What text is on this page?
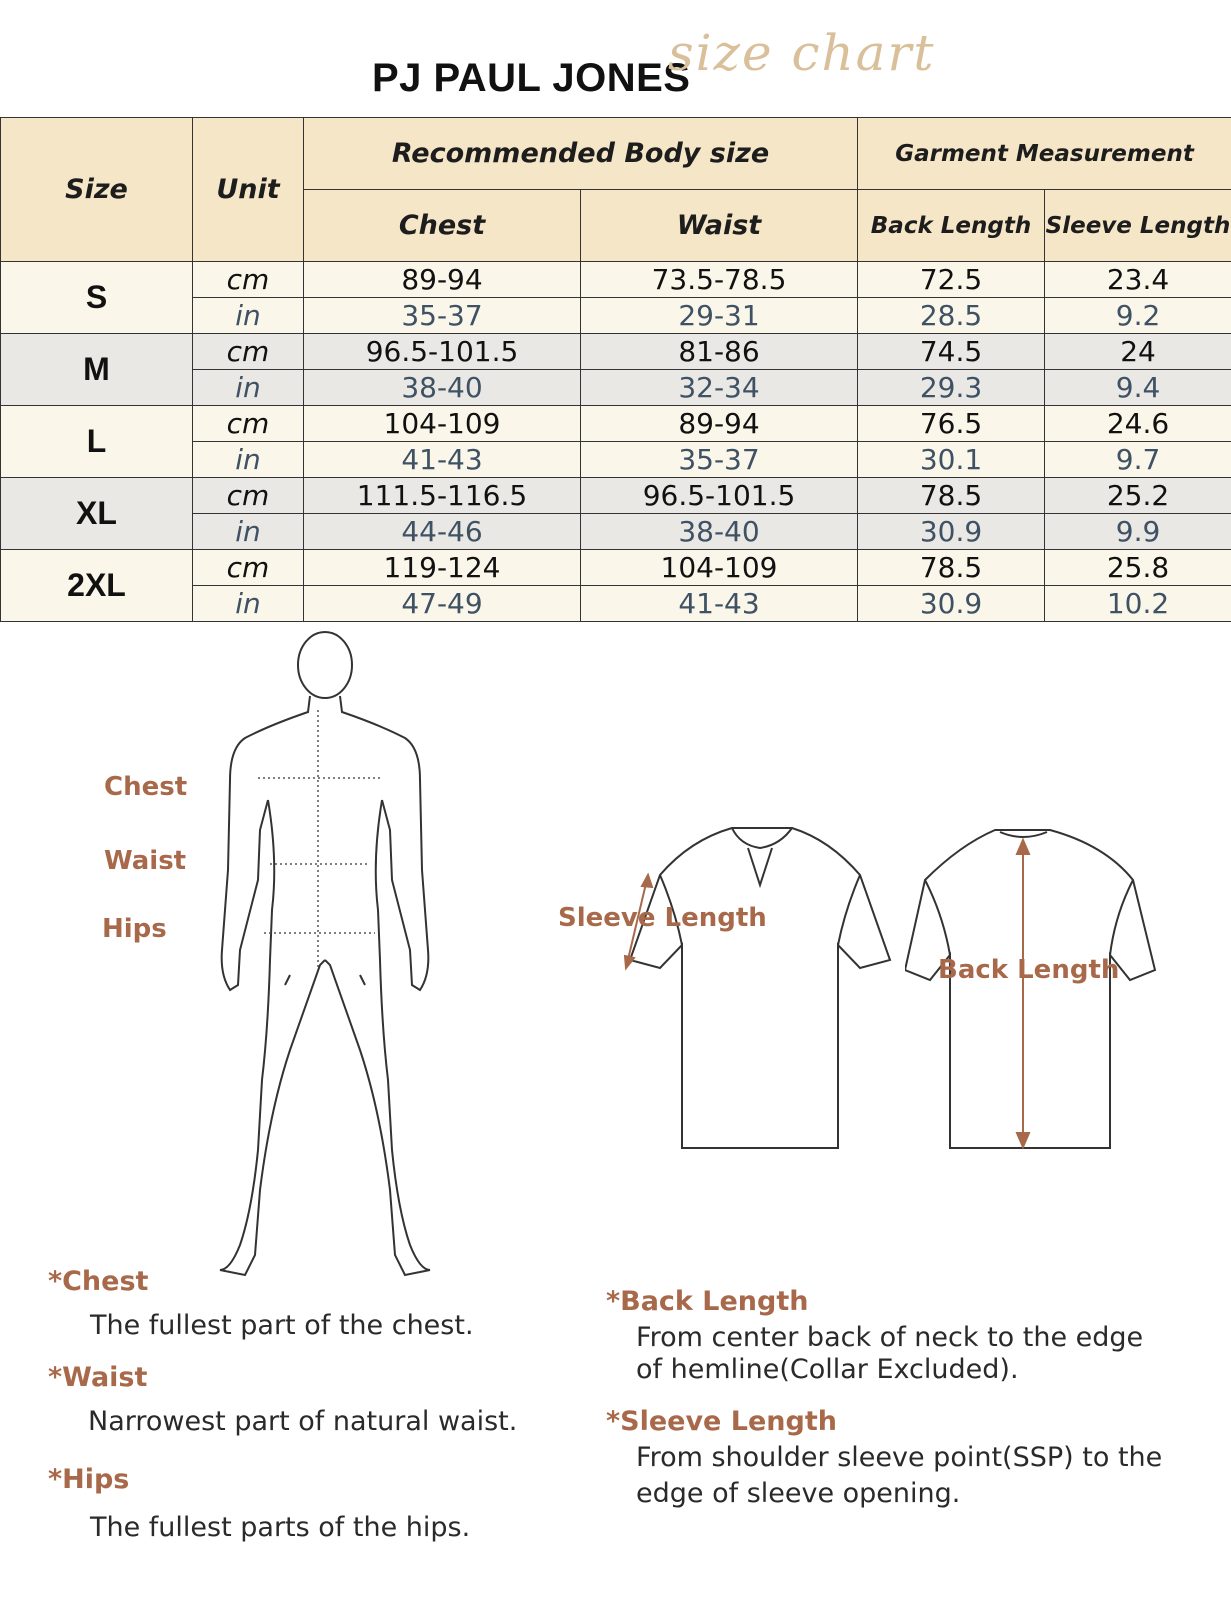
PJ PAUL JONES
size chart
Size	Unit	Recommended Body size		Garment Measurement	
		Chest	Waist	Back Length	Sleeve Length
S	cm	89-94	73.5-78.5	72.5	23.4
	in	35-37	29-31	28.5	9.2
M	cm	96.5-101.5	81-86	74.5	24
	in	38-40	32-34	29.3	9.4
L	cm	104-109	89-94	76.5	24.6
	in	41-43	35-37	30.1	9.7
XL	cm	111.5-116.5	96.5-101.5	78.5	25.2
	in	44-46	38-40	30.9	9.9
2XL	cm	119-124	104-109	78.5	25.8
	in	47-49	41-43	30.9	10.2
Chest
Waist
Hips	Sleeve Length
Back Length
*Chest
The fullest part of the chest.
*Waist
Narrowest part of natural waist.
*Hips
The fullest parts of the hips.
*Back Length
From center back of neck to the edge
of hemline(Collar Excluded).
*Sleeve Length
From shoulder sleeve point(SSP) to the
edge of sleeve opening.
